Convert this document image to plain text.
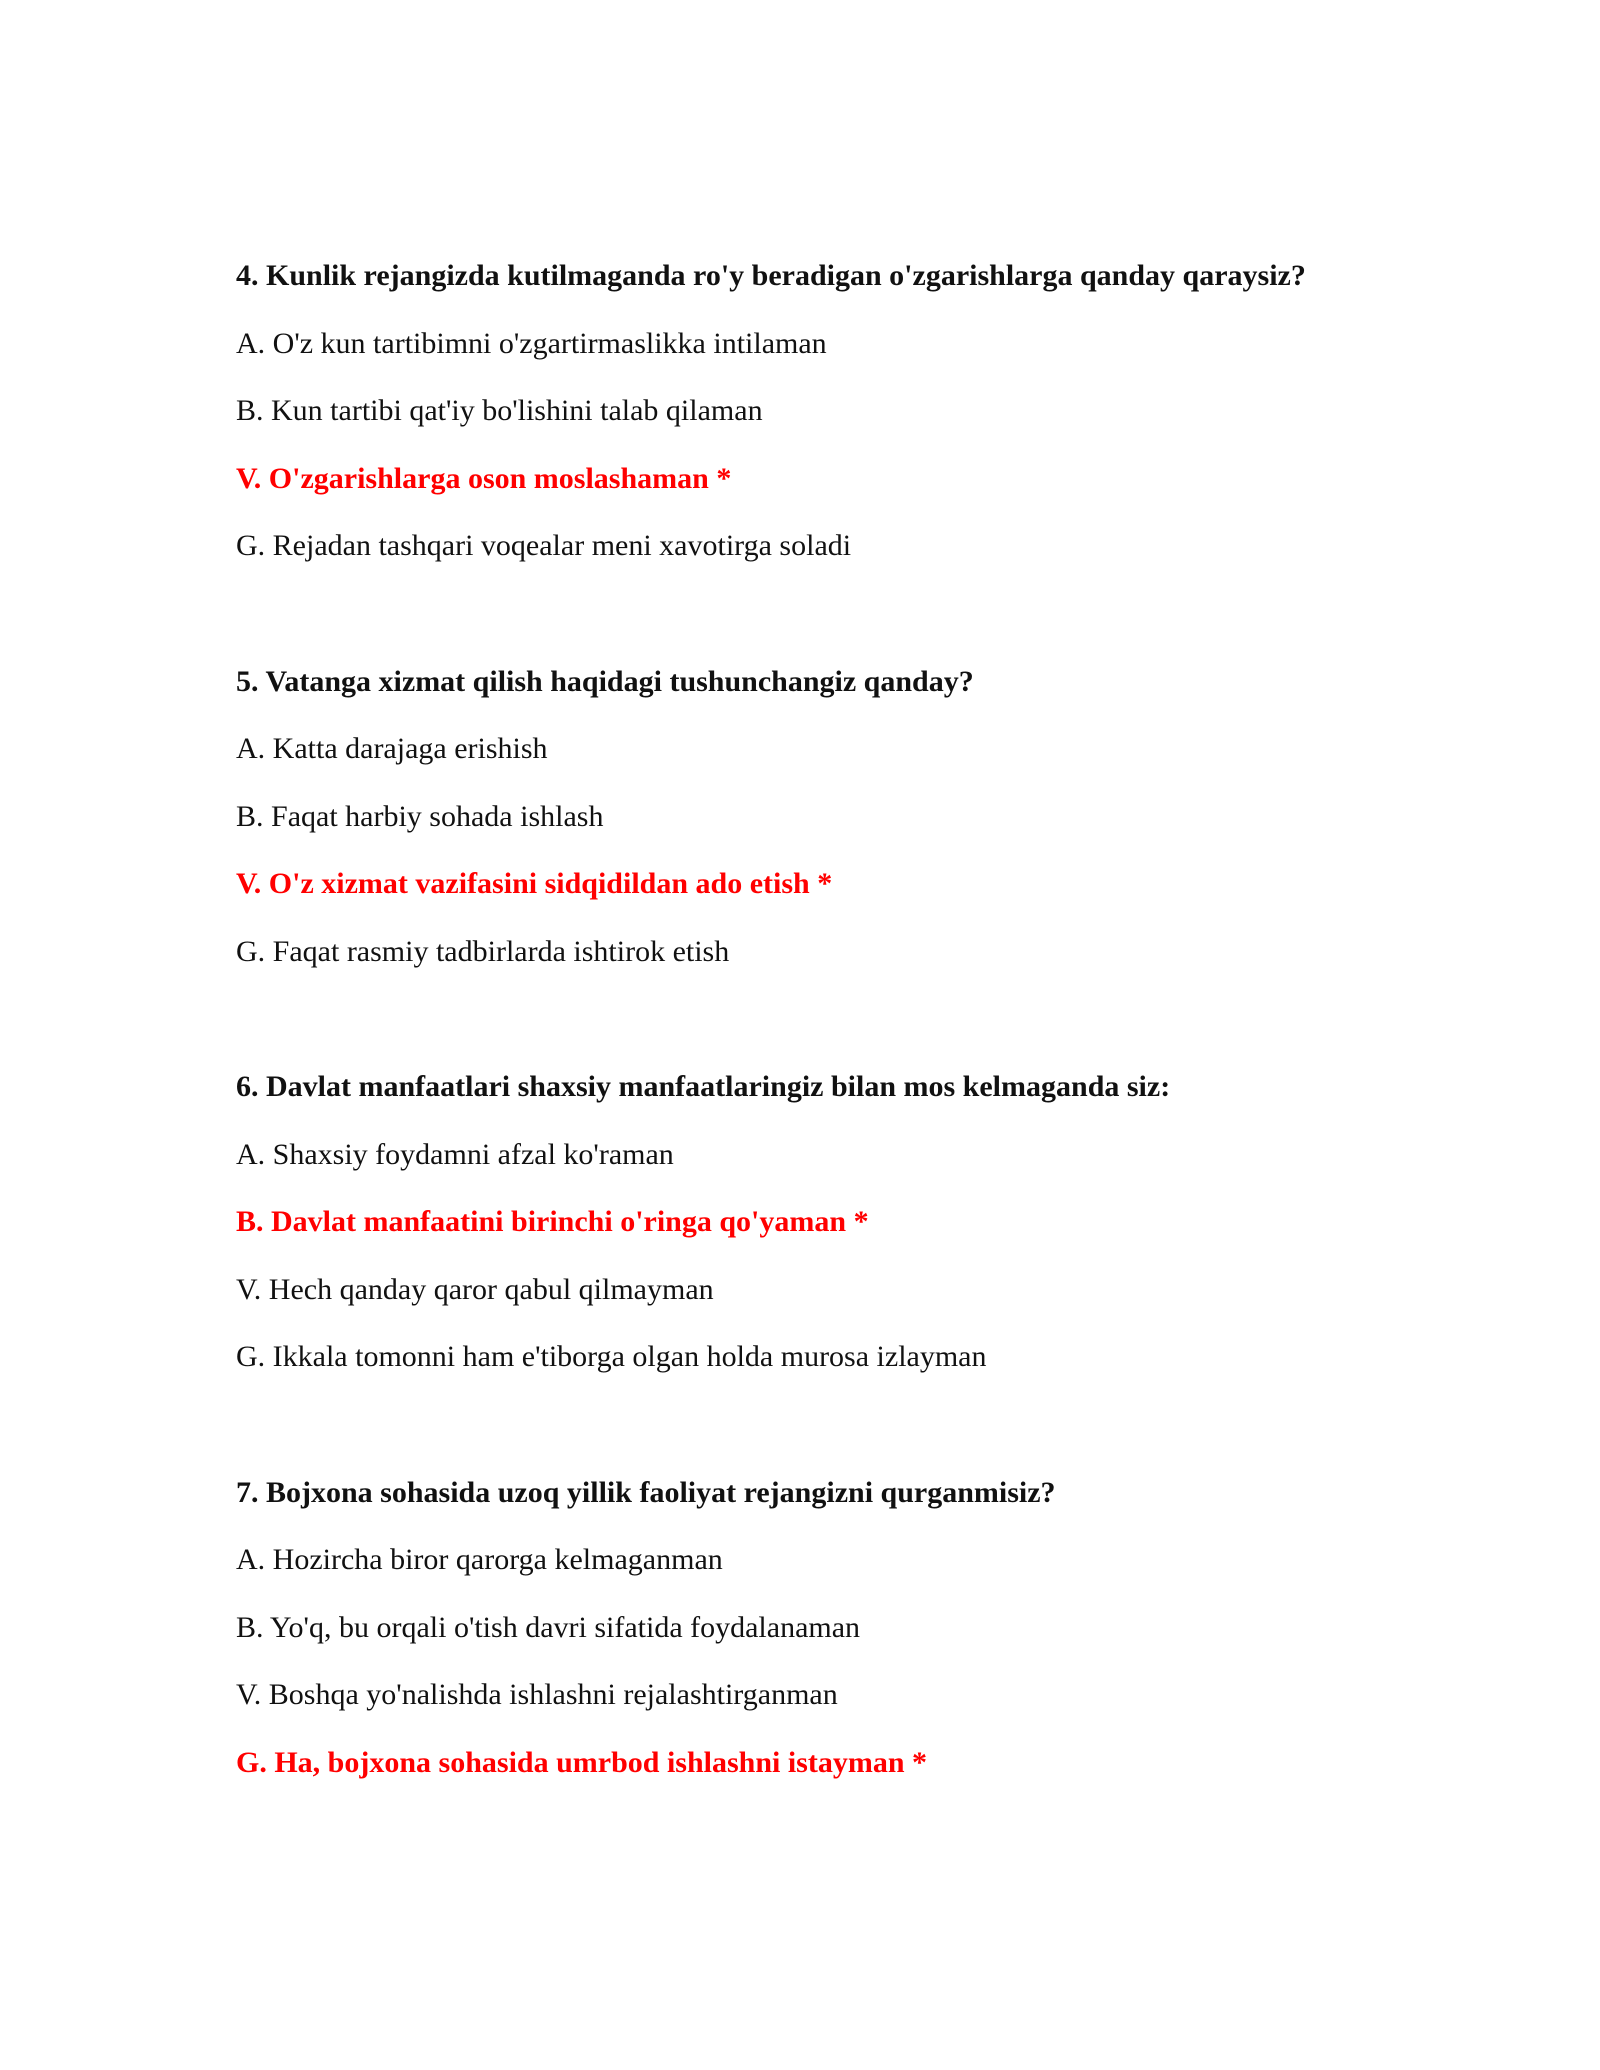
4. Kunlik rejangizda kutilmaganda ro'y beradigan o'zgarishlarga qanday qaraysiz?
A. O'z kun tartibimni o'zgartirmaslikka intilaman
B. Kun tartibi qat'iy bo'lishini talab qilaman
V. O'zgarishlarga oson moslashaman *
G. Rejadan tashqari voqealar meni xavotirga soladi
5. Vatanga xizmat qilish haqidagi tushunchangiz qanday?
A. Katta darajaga erishish
B. Faqat harbiy sohada ishlash
V. O'z xizmat vazifasini sidqidildan ado etish *
G. Faqat rasmiy tadbirlarda ishtirok etish
6. Davlat manfaatlari shaxsiy manfaatlaringiz bilan mos kelmaganda siz:
A. Shaxsiy foydamni afzal ko'raman
B. Davlat manfaatini birinchi o'ringa qo'yaman *
V. Hech qanday qaror qabul qilmayman
G. Ikkala tomonni ham e'tiborga olgan holda murosa izlayman
7. Bojxona sohasida uzoq yillik faoliyat rejangizni qurganmisiz?
A. Hozircha biror qarorga kelmaganman
B. Yo'q, bu orqali o'tish davri sifatida foydalanaman
V. Boshqa yo'nalishda ishlashni rejalashtirganman
G. Ha, bojxona sohasida umrbod ishlashni istayman *
